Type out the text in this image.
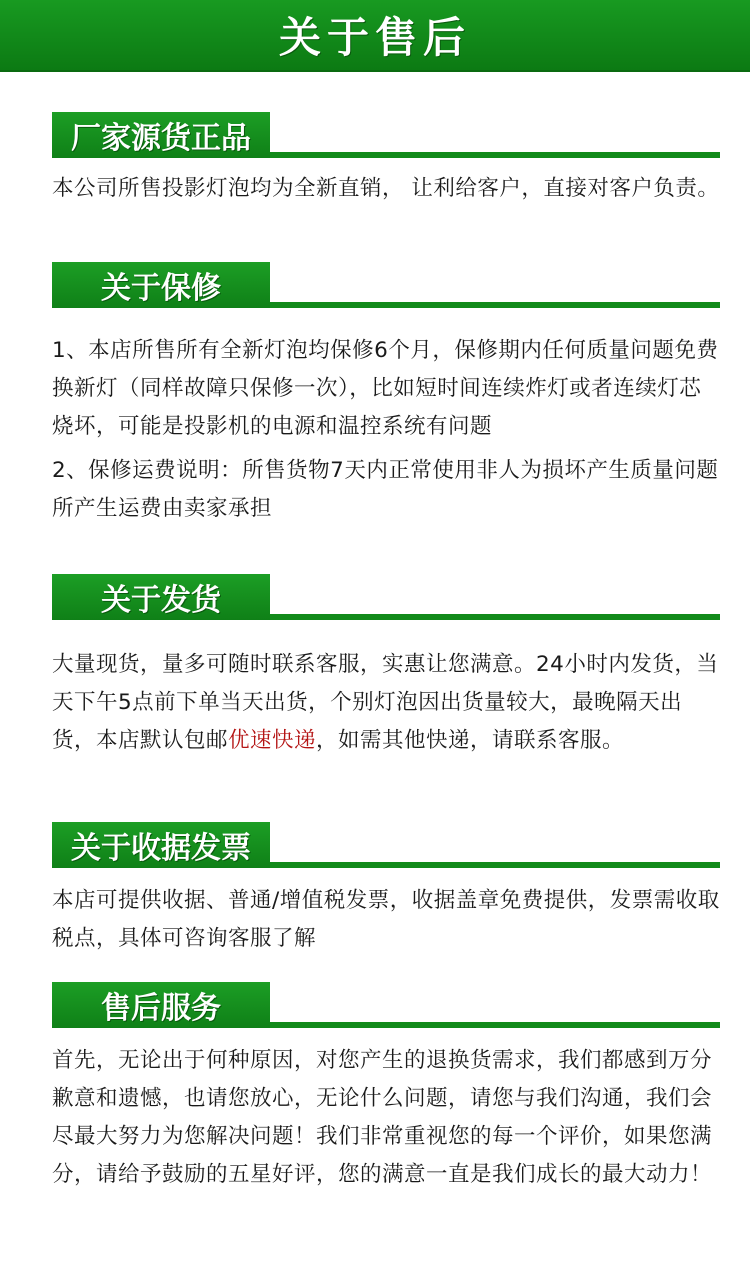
关于售后
厂家源货正品

本公司所售投影灯泡均为全新直销， 让利给客户，直接对客户负责。

关于保修

1、本店所售所有全新灯泡均保修6个月，保修期内任何质量问题免费换新灯（同样故障只保修一次），比如短时间连续炸灯或者连续灯芯烧坏，可能是投影机的电源和温控系统有问题

2、保修运费说明：所售货物7天内正常使用非人为损坏产生质量问题所产生运费由卖家承担

关于发货

大量现货，量多可随时联系客服，实惠让您满意。24小时内发货，当天下午5点前下单当天出货，个别灯泡因出货量较大，最晚隔天出货，本店默认包邮优速快递，如需其他快递，请联系客服。

关于收据发票

本店可提供收据、普通/增值税发票，收据盖章免费提供，发票需收取税点，具体可咨询客服了解

售后服务

首先，无论出于何种原因，对您产生的退换货需求，我们都感到万分歉意和遗憾，也请您放心，无论什么问题，请您与我们沟通，我们会尽最大努力为您解决问题！我们非常重视您的每一个评价，如果您满分，请给予鼓励的五星好评，您的满意一直是我们成长的最大动力！
